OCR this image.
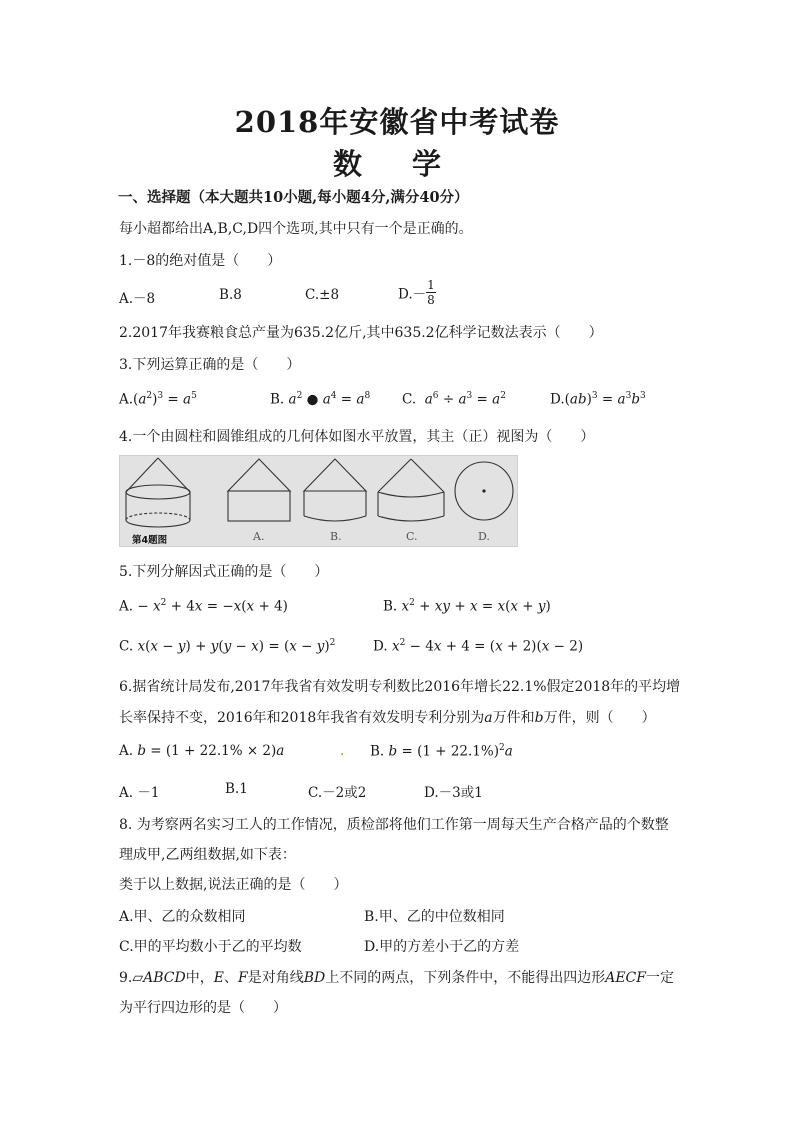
2018年安徽省中考试卷
数 学
一、选择题（本大题共10小题,每小题4分,满分40分）
每小超都给出A,B,C,D四个选项,其中只有一个是正确的。
1.－8的绝对值是（　　）
A.－8	B.8	C.±8	$D.- \frac{1}{8}$
2.2017年我赛粮食总产量为635.2亿斤,其中635.2亿科学记数法表示（　　）
3.下列运算正确的是（　　）
$A.(a^2)^3 = a^5$	B. $a^2$ ● $a^4 = a^8$ C. $a^6 \div a^3 = a^2$	$D.(ab)^3 = a^3b^3$
4.一个由圆柱和圆锥组成的几何体如图水平放置，其主（正）视图为（　　）
A.	B.	C.	D.
第4题图
5.下列分解因式正确的是（　　）
A. − $x^2 + 4x = -x(x + 4)$	B. $x^2$ + xy + x = x(x + y)
C. $x(x - y) + y(y - x) = (x - y)^2$	D. $x^2 - 4x + 4 = (x + 2)(x - 2)$
6.据省统计局发布,2017年我省有效发明专利数比2016年增长22.1%假定2018年的平均增
长率保持不变，2016年和2018年我省有效发明专利分别为a万件和b万件，则（　　）
A. b = (1 + 22.1% × 2)a	. B. $b = (1 + 22.1\%)^2a$
A. －1	B.1	C.－2或2	D.－3或1
8. 为考察两名实习工人的工作情况，质检部将他们工作第一周每天生产合格产品的个数整
理成甲,乙两组数据,如下表：
类于以上数据,说法正确的是（　　）
A.甲、乙的众数相同	B.甲、乙的中位数相同
C.甲的平均数小于乙的平均数	D.甲的方差小于乙的方差
9.▱ABCD中，E、F是对角线BD上不同的两点，下列条件中，不能得出四边形AECF一定
为平行四边形的是（　　）
